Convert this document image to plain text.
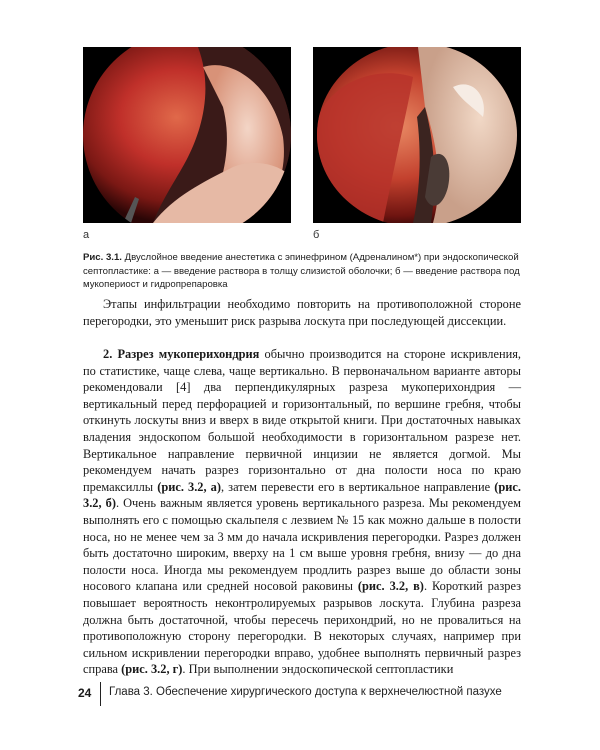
а	б
Рис. 3.1. Двуслойное введение анестетика с эпинефрином (Адреналином*) при эндоскопической септопластике: а — введение раствора в толщу слизистой оболочки; б — введение раствора под мукопериост и гидропрепаровка
Этапы инфильтрации необходимо повторить на противоположной стороне перегородки, это уменьшит риск разрыва лоскута при последующей диссекции.
2. Разрез мукоперихондрия обычно производится на стороне искривления, по статистике, чаще слева, чаще вертикально. В первоначальном варианте авторы рекомендовали [4] два перпендикулярных разреза мукоперихондрия — вертикальный перед перфорацией и горизонтальный, по вершине гребня, чтобы откинуть лоскуты вниз и вверх в виде открытой книги. При достаточных навыках владения эндоскопом большой необходимости в горизонтальном разрезе нет. Вертикальное направление первичной инцизии не является догмой. Мы рекомендуем начать разрез горизонтально от дна полости носа по краю премаксиллы (рис. 3.2, а), затем перевести его в вертикальное направление (рис. 3.2, б). Очень важным является уровень вертикального разреза. Мы рекомендуем выполнять его с помощью скальпеля с лезвием № 15 как можно дальше в полости носа, но не менее чем за 3 мм до начала искривления перегородки. Разрез должен быть достаточно широким, вверху на 1 см выше уровня гребня, внизу — до дна полости носа. Иногда мы рекомендуем продлить разрез выше до области зоны носового клапана или средней носовой раковины (рис. 3.2, в). Короткий разрез повышает вероятность неконтролируемых разрывов лоскута. Глубина разреза должна быть достаточной, чтобы пересечь перихондрий, но не провалиться на противоположную сторону перегородки. В некоторых случаях, например при сильном искривлении перегородки вправо, удобнее выполнять первичный разрез справа (рис. 3.2, г). При выполнении эндоскопической септопластики
24 Глава 3. Обеспечение хирургического доступа к верхнечелюстной пазухе
